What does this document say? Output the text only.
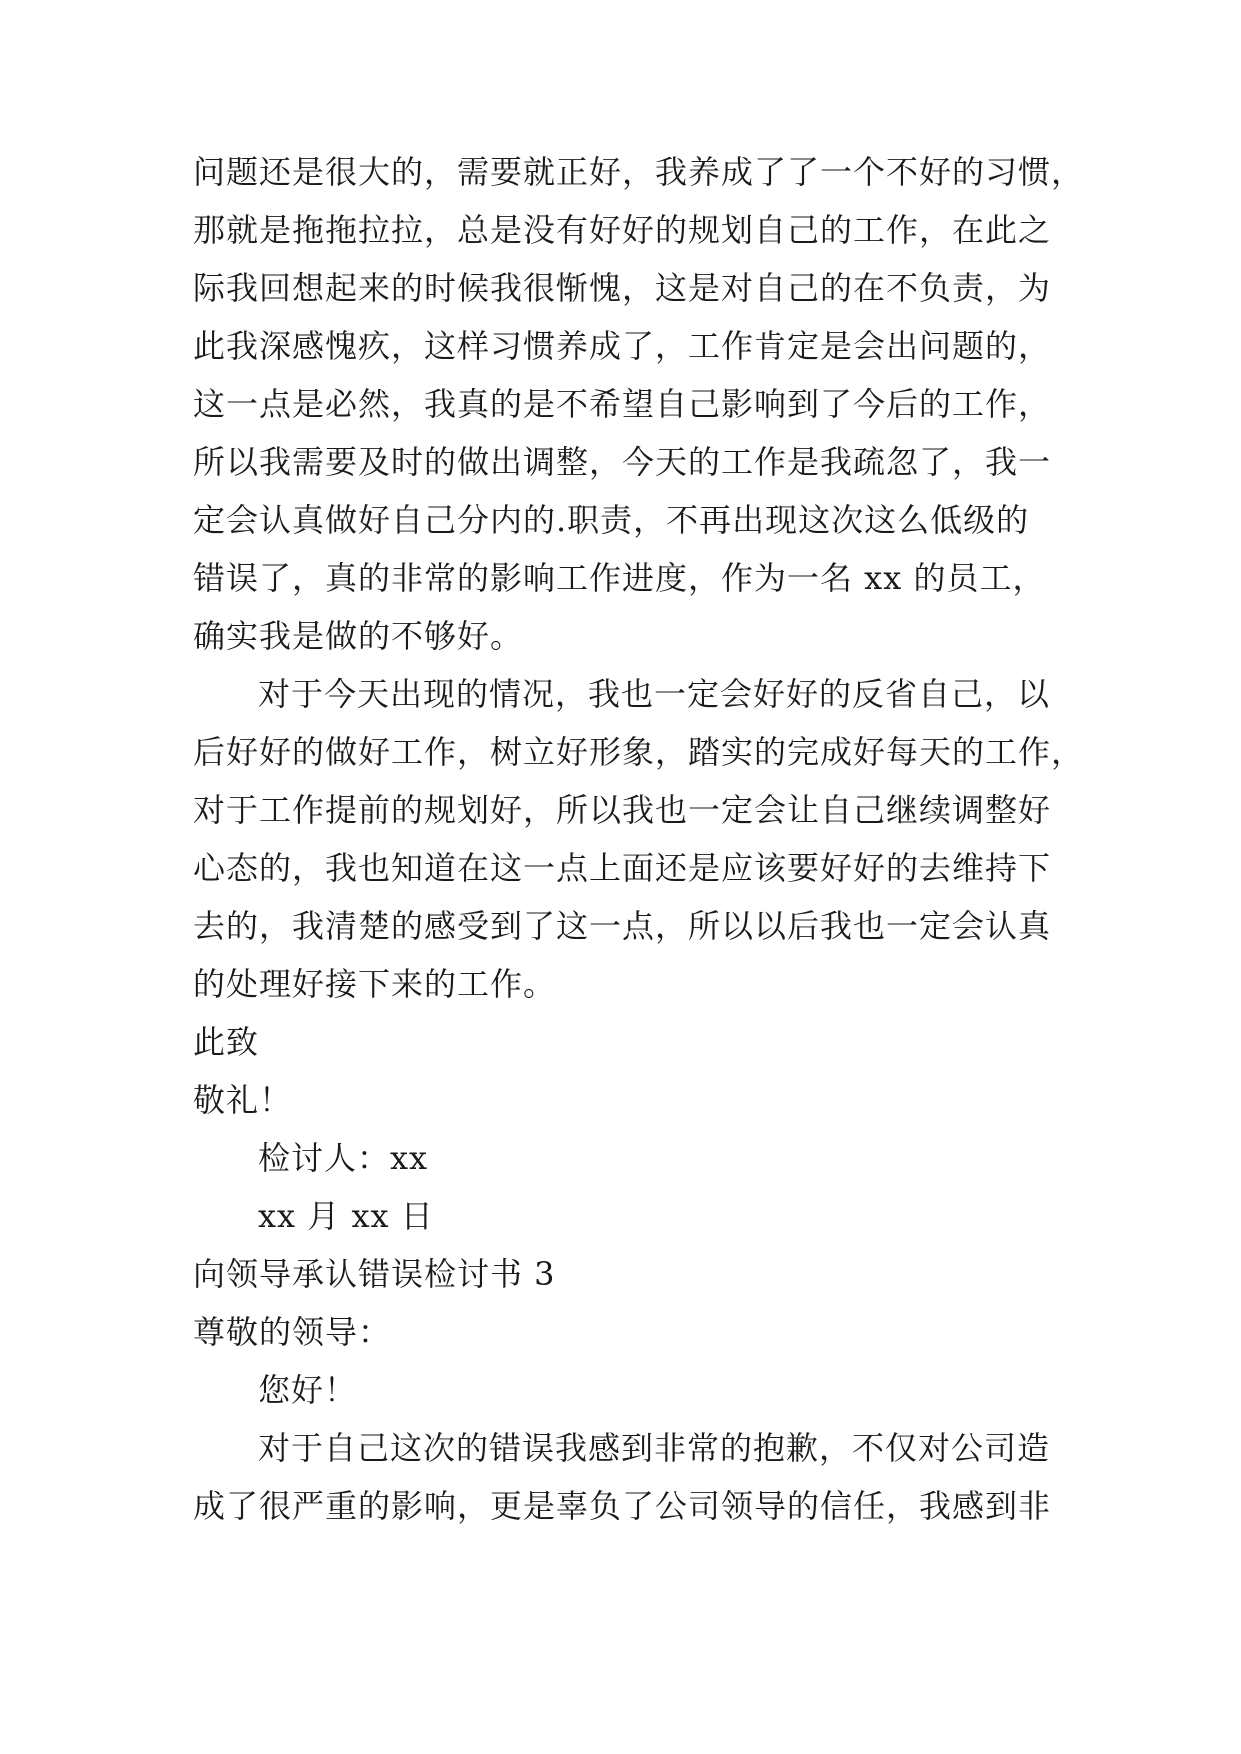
问题还是很大的，需要就正好，我养成了了一个不好的习惯，
那就是拖拖拉拉，总是没有好好的规划自己的工作，在此之
际我回想起来的时候我很惭愧，这是对自己的在不负责，为
此我深感愧疚，这样习惯养成了，工作肯定是会出问题的，
这一点是必然，我真的是不希望自己影响到了今后的工作，
所以我需要及时的做出调整，今天的工作是我疏忽了，我一
定会认真做好自己分内的.职责，不再出现这次这么低级的
错误了，真的非常的影响工作进度，作为一名 xx 的员工，
确实我是做的不够好。
对于今天出现的情况，我也一定会好好的反省自己，以
后好好的做好工作，树立好形象，踏实的完成好每天的工作，
对于工作提前的规划好，所以我也一定会让自己继续调整好
心态的，我也知道在这一点上面还是应该要好好的去维持下
去的，我清楚的感受到了这一点，所以以后我也一定会认真
的处理好接下来的工作。
此致
敬礼！
检讨人：xx
xx 月 xx 日
向领导承认错误检讨书 3
尊敬的领导：
您好！
对于自己这次的错误我感到非常的抱歉，不仅对公司造
成了很严重的影响，更是辜负了公司领导的信任，我感到非
